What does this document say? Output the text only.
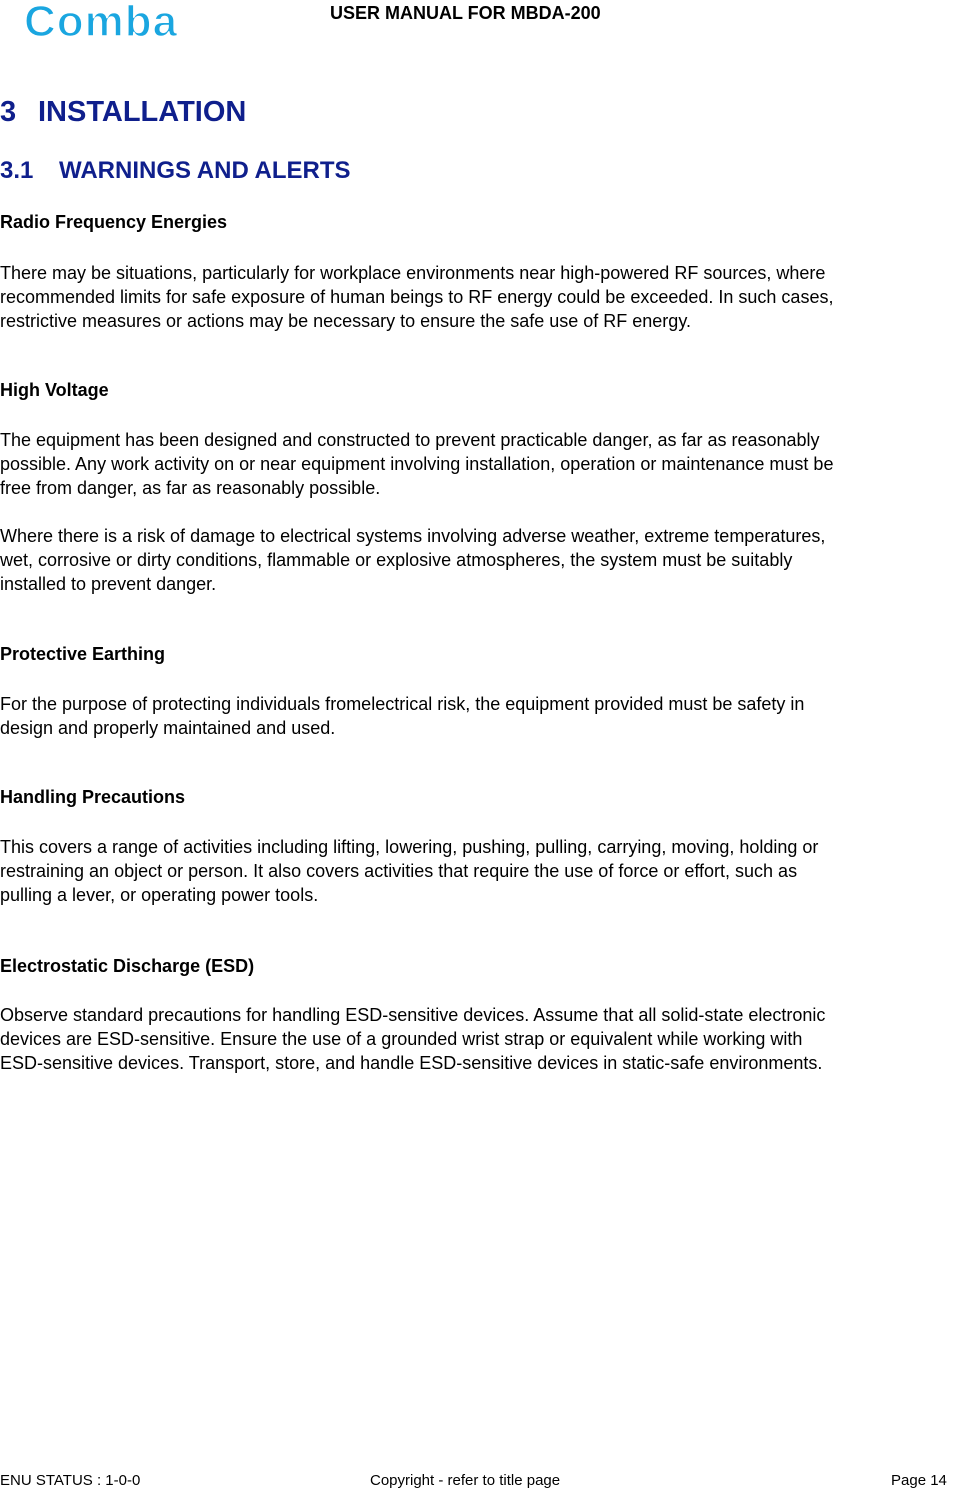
Comba	USER MANUAL FOR MBDA-200
3 INSTALLATION
3.1 WARNINGS AND ALERTS
Radio Frequency Energies
There may be situations, particularly for workplace environments near high-powered RF sources, where
recommended limits for safe exposure of human beings to RF energy could be exceeded. In such cases,
restrictive measures or actions may be necessary to ensure the safe use of RF energy.
High Voltage
The equipment has been designed and constructed to prevent practicable danger, as far as reasonably
possible. Any work activity on or near equipment involving installation, operation or maintenance must be
free from danger, as far as reasonably possible.
Where there is a risk of damage to electrical systems involving adverse weather, extreme temperatures,
wet, corrosive or dirty conditions, flammable or explosive atmospheres, the system must be suitably
installed to prevent danger.
Protective Earthing
For the purpose of protecting individuals fromelectrical risk, the equipment provided must be safety in
design and properly maintained and used.
Handling Precautions
This covers a range of activities including lifting, lowering, pushing, pulling, carrying, moving, holding or
restraining an object or person. It also covers activities that require the use of force or effort, such as
pulling a lever, or operating power tools.
Electrostatic Discharge (ESD)
Observe standard precautions for handling ESD-sensitive devices. Assume that all solid-state electronic
devices are ESD-sensitive. Ensure the use of a grounded wrist strap or equivalent while working with
ESD-sensitive devices. Transport, store, and handle ESD-sensitive devices in static-safe environments.
ENU STATUS : 1-0-0	Copyright - refer to title page	Page 14
